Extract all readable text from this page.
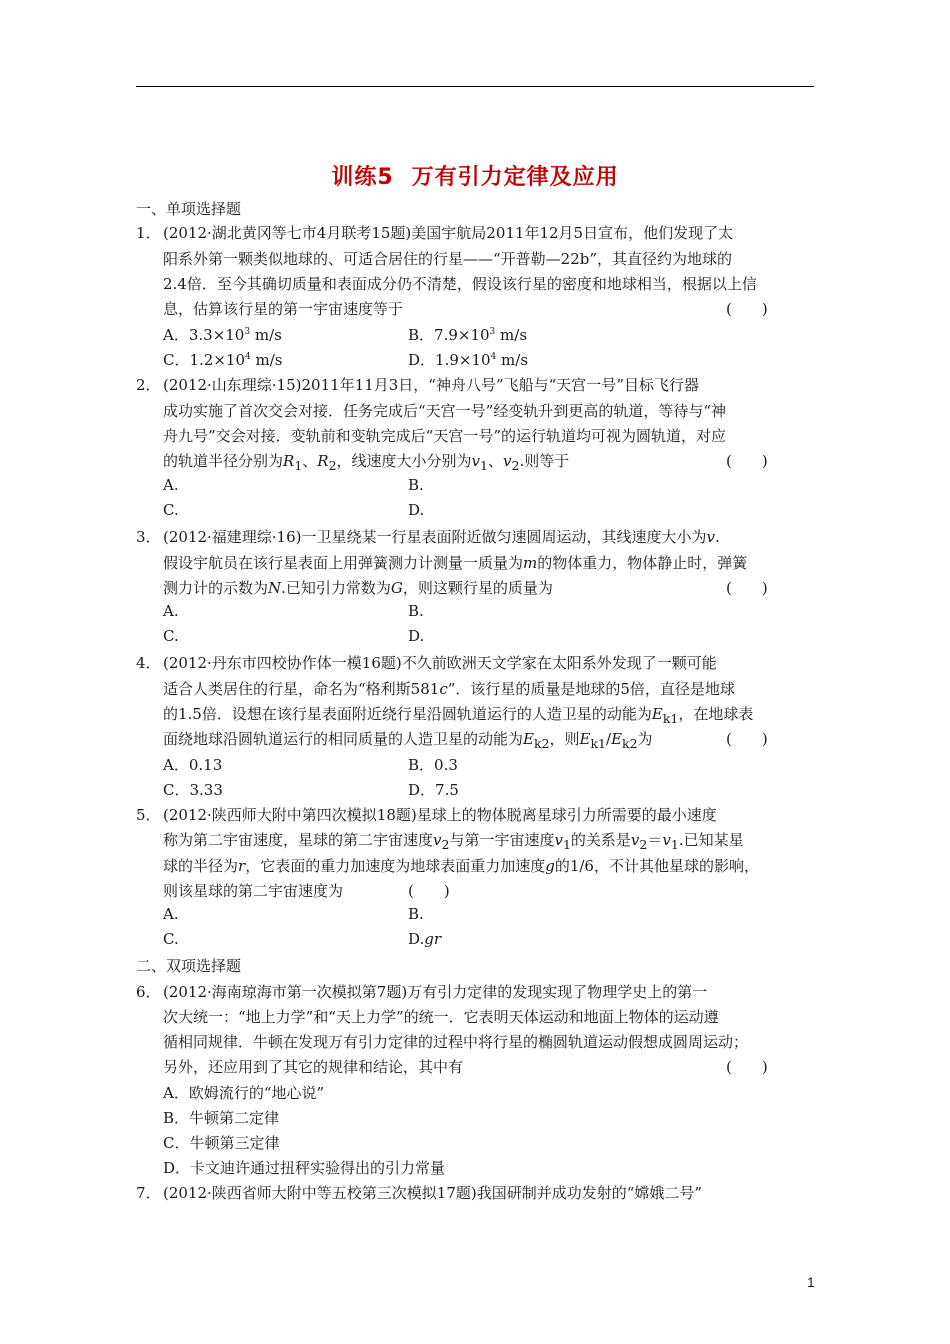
训练5 万有引力定律及应用
一、单项选择题
1． (2012·湖北黄冈等七市4月联考15题)美国宇航局2011年12月5日宣布，他们发现了太
阳系外第一颗类似地球的、可适合居住的行星——“开普勒—22b”，其直径约为地球的
2.4倍．至今其确切质量和表面成分仍不清楚，假设该行星的密度和地球相当，根据以上信
息，估算该行星的第一宇宙速度等于	(　　)
A．$3.3\times 10^3$ m/s	B．$7.9\times 10^3$ m/s
C．$1.2\times 10^4$ m/s	D．$1.9\times 10^4$ m/s
2． (2012·山东理综·15)2011年11月3日，“神舟八号”飞船与“天宫一号”目标飞行器
成功实施了首次交会对接．任务完成后“天宫一号”经变轨升到更高的轨道，等待与“神
舟九号”交会对接．变轨前和变轨完成后“天宫一号”的运行轨道均可视为圆轨道，对应
的轨道半径分别为$R_1$、$R_2$，线速度大小分别为$v_1$、$v_2$.则等于	(　　)
A.	B.
C.	D.
3． (2012·福建理综·16)一卫星绕某一行星表面附近做匀速圆周运动，其线速度大小为v.
假设宇航员在该行星表面上用弹簧测力计测量一质量为m的物体重力，物体静止时，弹簧
测力计的示数为N.已知引力常数为G，则这颗行星的质量为	(　　)
A.	B.
C.	D.
4． (2012·丹东市四校协作体一模16题)不久前欧洲天文学家在太阳系外发现了一颗可能
适合人类居住的行星，命名为“格利斯581c”．该行星的质量是地球的5倍，直径是地球
的1.5倍．设想在该行星表面附近绕行星沿圆轨道运行的人造卫星的动能为$E_{k1}$，在地球表
面绕地球沿圆轨道运行的相同质量的人造卫星的动能为$E_{k2}$，则$E_{k1}/E_{k2}$为	(　　)
A．0.13	B．0.3
C．3.33	D．7.5
5． (2012·陕西师大附中第四次模拟18题)星球上的物体脱离星球引力所需要的最小速度
称为第二宇宙速度，星球的第二宇宙速度$v_2$与第一宇宙速度$v_1$的关系是$v_2=v_1$.已知某星
球的半径为r，它表面的重力加速度为地球表面重力加速度g的1/6，不计其他星球的影响，
则该星球的第二宇宙速度为	(　　)
A.	B.
C.	D.gr
二、双项选择题
6． (2012·海南琼海市第一次模拟第7题)万有引力定律的发现实现了物理学史上的第一
次大统一：“地上力学”和“天上力学”的统一．它表明天体运动和地面上物体的运动遵
循相同规律．牛顿在发现万有引力定律的过程中将行星的椭圆轨道运动假想成圆周运动；
另外，还应用到了其它的规律和结论，其中有	(　　)
A．欧姆流行的“地心说”
B．牛顿第二定律
C．牛顿第三定律
D．卡文迪许通过扭秤实验得出的引力常量
7． (2012·陕西省师大附中等五校第三次模拟17题)我国研制并成功发射的“嫦娥二号”
1
